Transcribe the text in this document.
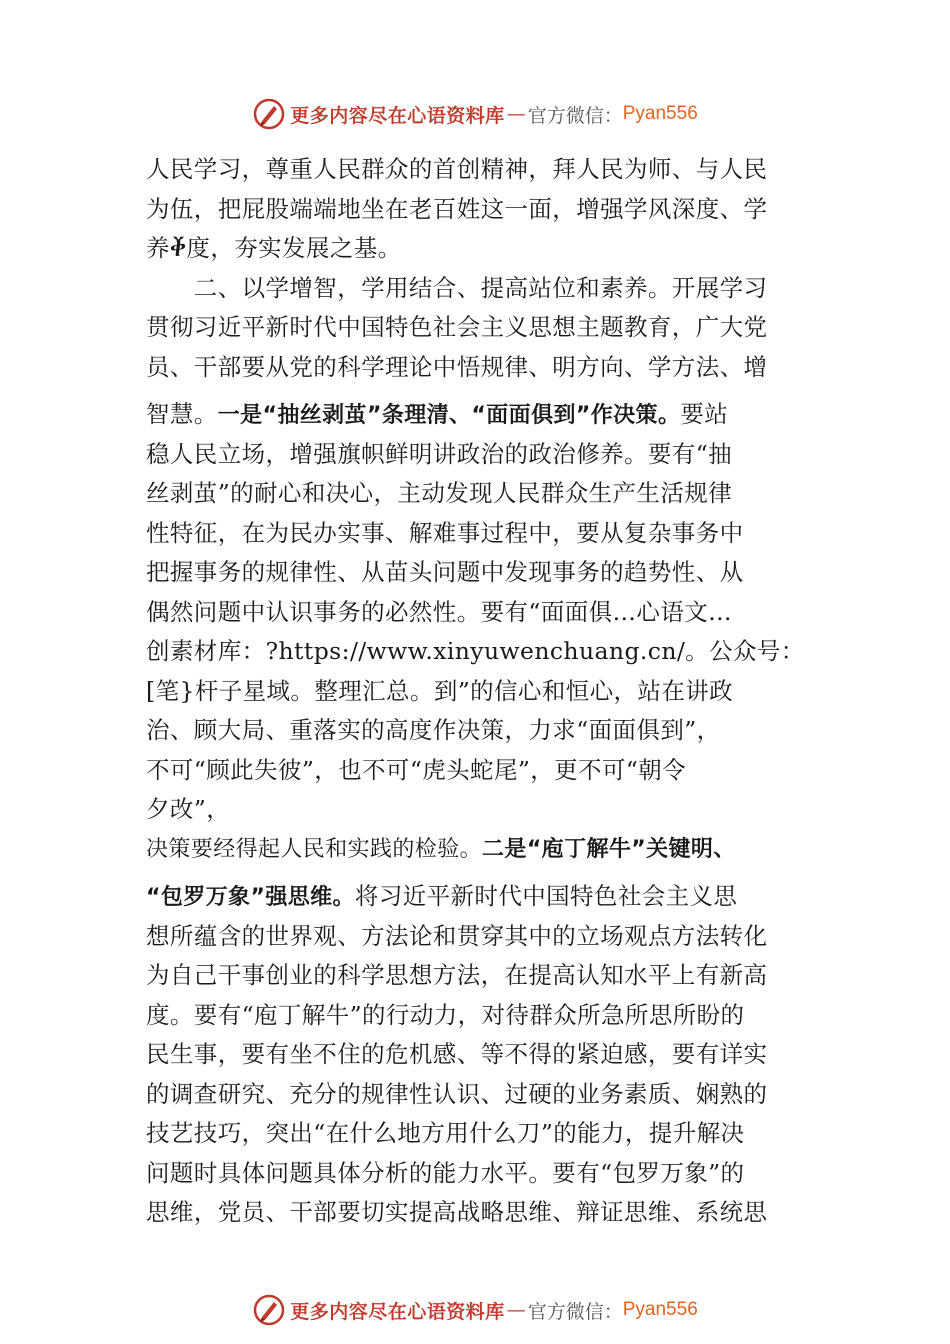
更多内容尽在心语资料库 — 官方微信： Pyan556
人民学习，尊重人民群众的首创精神，拜人民为师、与人民
为伍，把屁股端端地坐在老百姓这一面，增强学风深度、学
养ⷀ度，夯实发展之基。
　　二、以学增智，学用结合、提高站位和素养。开展学习
贯彻习近平新时代中国特色社会主义思想主题教育，广大党
员、干部要从党的科学理论中悟规律、明方向、学方法、增
智慧。一是“抽丝剥茧”条理清、“面面俱到”作决策。要站
稳人民立场，增强旗帜鲜明讲政治的政治修养。要有“抽
丝剥茧”的耐心和决心，主动发现人民群众生产生活规律
性特征，在为民办实事、解难事过程中，要从复杂事务中
把握事务的规律性、从苗头问题中发现事务的趋势性、从
偶然问题中认识事务的必然性。要有“面面俱…心语文…
创素材库：?https://www.xinyuwenchuang.cn/。公众号：
[笔}杆子星域。整理汇总。到”的信心和恒心，站在讲政
治、顾大局、重落实的高度作决策，力求“面面俱到”，
不可“顾此失彼”，也不可“虎头蛇尾”，更不可“朝令
夕改”，
决策要经得起人民和实践的检验。二是“庖丁解牛”关键明、
“包罗万象”强思维。将习近平新时代中国特色社会主义思
想所蕴含的世界观、方法论和贯穿其中的立场观点方法转化
为自己干事创业的科学思想方法，在提高认知水平上有新高
度。要有“庖丁解牛”的行动力，对待群众所急所思所盼的
民生事，要有坐不住的危机感、等不得的紧迫感，要有详实
的调查研究、充分的规律性认识、过硬的业务素质、娴熟的
技艺技巧，突出“在什么地方用什么刀”的能力，提升解决
问题时具体问题具体分析的能力水平。要有“包罗万象”的
思维，党员、干部要切实提高战略思维、辩证思维、系统思
更多内容尽在心语资料库 — 官方微信： Pyan556
